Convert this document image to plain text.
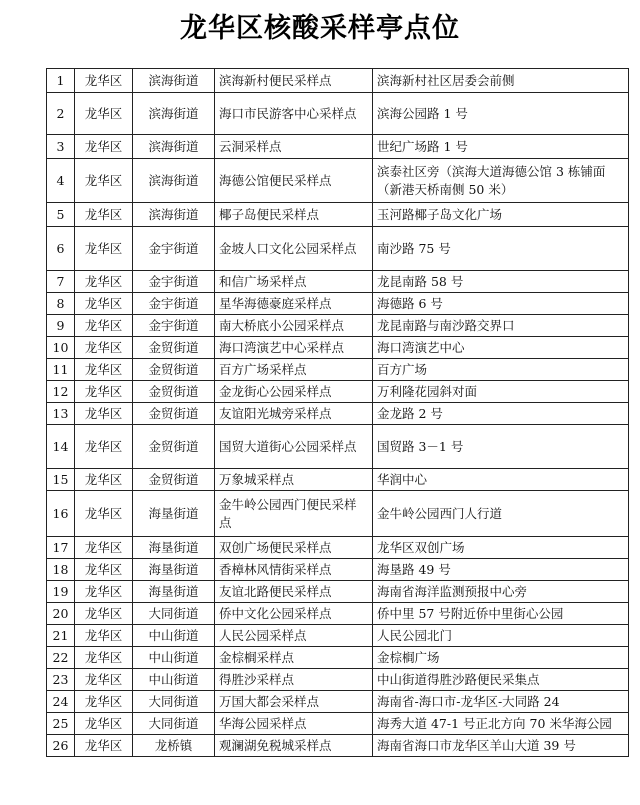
龙华区核酸采样亭点位
1	龙华区	滨海街道	滨海新村便民采样点	滨海新村社区居委会前侧
2	龙华区	滨海街道	海口市民游客中心采样点	滨海公园路 1 号
3	龙华区	滨海街道	云洞采样点	世纪广场路 1 号
4	龙华区	滨海街道	海德公馆便民采样点	滨泰社区旁（滨海大道海德公馆 3 栋铺面（新港天桥南侧 50 米）
5	龙华区	滨海街道	椰子岛便民采样点	玉河路椰子岛文化广场
6	龙华区	金宇街道	金坡人口文化公园采样点	南沙路 75 号
7	龙华区	金宇街道	和信广场采样点	龙昆南路 58 号
8	龙华区	金宇街道	星华海德豪庭采样点	海德路 6 号
9	龙华区	金宇街道	南大桥底小公园采样点	龙昆南路与南沙路交界口
10	龙华区	金贸街道	海口湾演艺中心采样点	海口湾演艺中心
11	龙华区	金贸街道	百方广场采样点	百方广场
12	龙华区	金贸街道	金龙街心公园采样点	万利隆花园斜对面
13	龙华区	金贸街道	友谊阳光城旁采样点	金龙路 2 号
14	龙华区	金贸街道	国贸大道街心公园采样点	国贸路 3－1 号
15	龙华区	金贸街道	万象城采样点	华润中心
16	龙华区	海垦街道	金牛岭公园西门便民采样点	金牛岭公园西门人行道
17	龙华区	海垦街道	双创广场便民采样点	龙华区双创广场
18	龙华区	海垦街道	香樟林风情街采样点	海垦路 49 号
19	龙华区	海垦街道	友谊北路便民采样点	海南省海洋监测预报中心旁
20	龙华区	大同街道	侨中文化公园采样点	侨中里 57 号附近侨中里街心公园
21	龙华区	中山街道	人民公园采样点	人民公园北门
22	龙华区	中山街道	金棕榈采样点	金棕榈广场
23	龙华区	中山街道	得胜沙采样点	中山街道得胜沙路便民采集点
24	龙华区	大同街道	万国大都会采样点	海南省-海口市-龙华区-大同路 24
25	龙华区	大同街道	华海公园采样点	海秀大道 47-1 号正北方向 70 米华海公园
26	龙华区	龙桥镇	观澜湖免税城采样点	海南省海口市龙华区羊山大道 39 号
